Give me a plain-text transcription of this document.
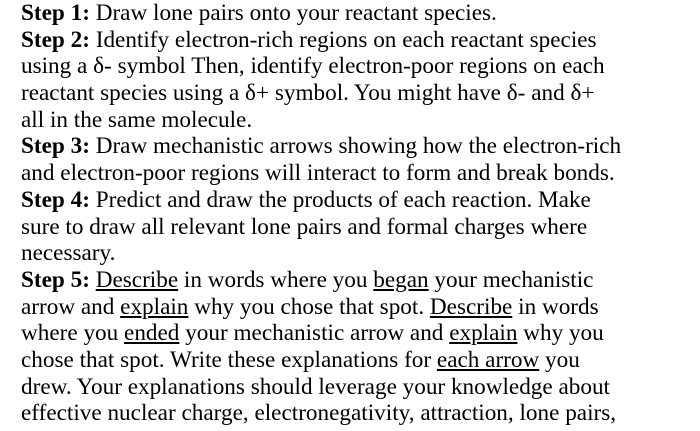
Step 1: Draw lone pairs onto your reactant species.
Step 2: Identify electron-rich regions on each reactant species
using a δ- symbol Then, identify electron-poor regions on each
reactant species using a δ+ symbol. You might have δ- and δ+
all in the same molecule.
Step 3: Draw mechanistic arrows showing how the electron-rich
and electron-poor regions will interact to form and break bonds.
Step 4: Predict and draw the products of each reaction. Make
sure to draw all relevant lone pairs and formal charges where
necessary.
Step 5: Describe in words where you began your mechanistic
arrow and explain why you chose that spot. Describe in words
where you ended your mechanistic arrow and explain why you
chose that spot. Write these explanations for each arrow you
drew. Your explanations should leverage your knowledge about
effective nuclear charge, electronegativity, attraction, lone pairs,
